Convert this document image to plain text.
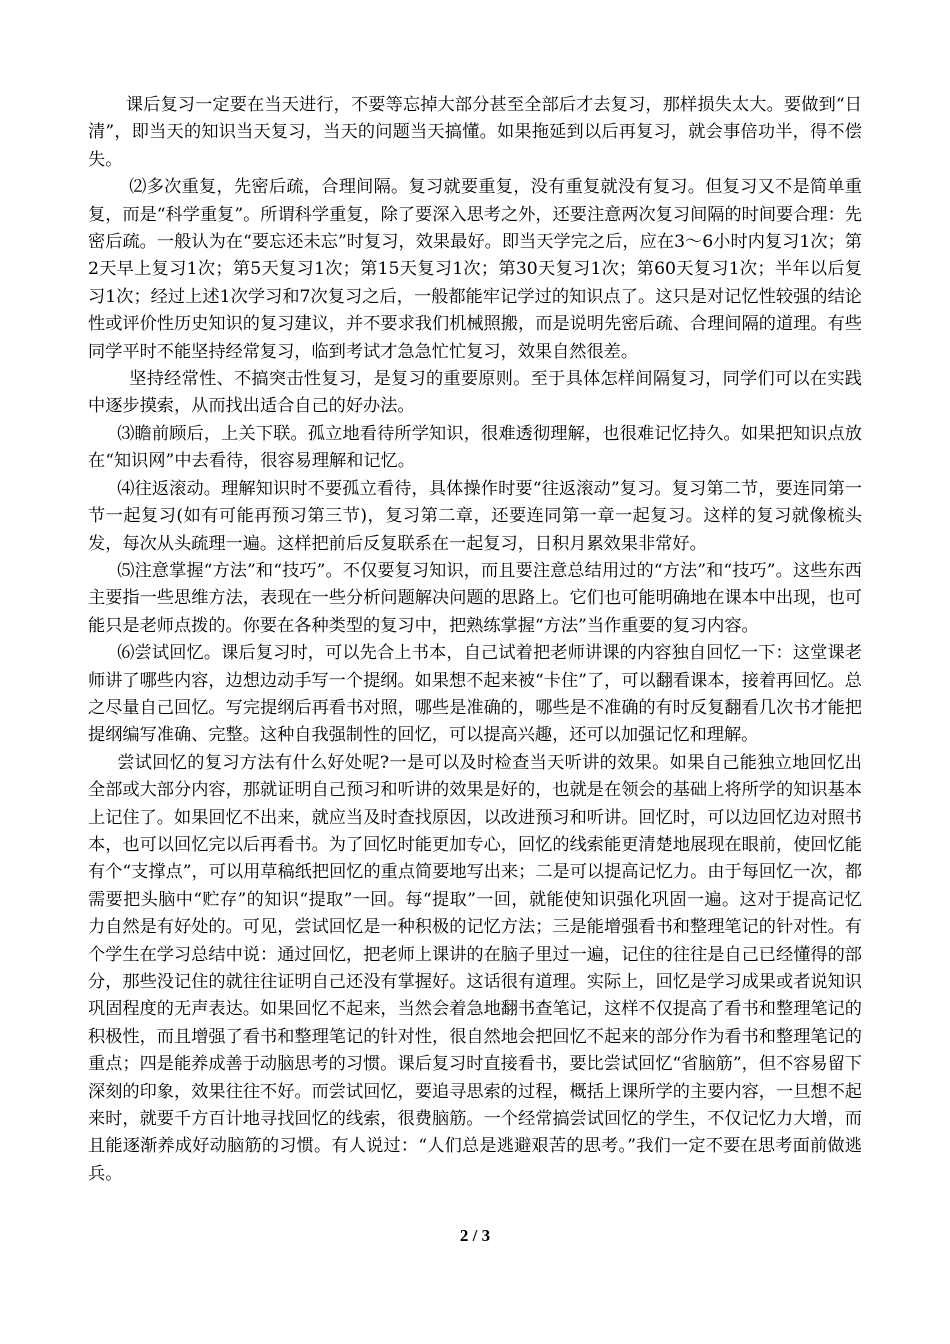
课后复习一定要在当天进行，不要等忘掉大部分甚至全部后才去复习，那样损失太大。要做到“日清”，即当天的知识当天复习，当天的问题当天搞懂。如果拖延到以后再复习，就会事倍功半，得不偿失。

⑵多次重复，先密后疏，合理间隔。复习就要重复，没有重复就没有复习。但复习又不是简单重复，而是“科学重复”。所谓科学重复，除了要深入思考之外，还要注意两次复习间隔的时间要合理：先密后疏。一般认为在“要忘还未忘”时复习，效果最好。即当天学完之后，应在3～6小时内复习1次；第2天早上复习1次；第5天复习1次；第15天复习1次；第30天复习1次；第60天复习1次；半年以后复习1次；经过上述1次学习和7次复习之后，一般都能牢记学过的知识点了。这只是对记忆性较强的结论性或评价性历史知识的复习建议，并不要求我们机械照搬，而是说明先密后疏、合理间隔的道理。有些同学平时不能坚持经常复习，临到考试才急急忙忙复习，效果自然很差。

坚持经常性、不搞突击性复习，是复习的重要原则。至于具体怎样间隔复习，同学们可以在实践中逐步摸索，从而找出适合自己的好办法。

⑶瞻前顾后，上关下联。孤立地看待所学知识，很难透彻理解，也很难记忆持久。如果把知识点放在“知识网”中去看待，很容易理解和记忆。

⑷往返滚动。理解知识时不要孤立看待，具体操作时要“往返滚动”复习。复习第二节，要连同第一节一起复习(如有可能再预习第三节)，复习第二章，还要连同第一章一起复习。这样的复习就像梳头发，每次从头疏理一遍。这样把前后反复联系在一起复习，日积月累效果非常好。

⑸注意掌握“方法”和“技巧”。不仅要复习知识，而且要注意总结用过的“方法”和“技巧”。这些东西主要指一些思维方法，表现在一些分析问题解决问题的思路上。它们也可能明确地在课本中出现，也可能只是老师点拨的。你要在各种类型的复习中，把熟练掌握“方法”当作重要的复习内容。

⑹尝试回忆。课后复习时，可以先合上书本，自己试着把老师讲课的内容独自回忆一下：这堂课老师讲了哪些内容，边想边动手写一个提纲。如果想不起来被“卡住”了，可以翻看课本，接着再回忆。总之尽量自己回忆。写完提纲后再看书对照，哪些是准确的，哪些是不准确的有时反复翻看几次书才能把提纲编写准确、完整。这种自我强制性的回忆，可以提高兴趣，还可以加强记忆和理解。

尝试回忆的复习方法有什么好处呢?一是可以及时检查当天听讲的效果。如果自己能独立地回忆出全部或大部分内容，那就证明自己预习和听讲的效果是好的，也就是在领会的基础上将所学的知识基本上记住了。如果回忆不出来，就应当及时查找原因，以改进预习和听讲。回忆时，可以边回忆边对照书本，也可以回忆完以后再看书。为了回忆时能更加专心，回忆的线索能更清楚地展现在眼前，使回忆能有个“支撑点”，可以用草稿纸把回忆的重点简要地写出来；二是可以提高记忆力。由于每回忆一次，都需要把头脑中“贮存”的知识“提取”一回。每“提取”一回，就能使知识强化巩固一遍。这对于提高记忆力自然是有好处的。可见，尝试回忆是一种积极的记忆方法；三是能增强看书和整理笔记的针对性。有个学生在学习总结中说：通过回忆，把老师上课讲的在脑子里过一遍，记住的往往是自己已经懂得的部分，那些没记住的就往往证明自己还没有掌握好。这话很有道理。实际上，回忆是学习成果或者说知识巩固程度的无声表达。如果回忆不起来，当然会着急地翻书查笔记，这样不仅提高了看书和整理笔记的积极性，而且增强了看书和整理笔记的针对性，很自然地会把回忆不起来的部分作为看书和整理笔记的重点；四是能养成善于动脑思考的习惯。课后复习时直接看书，要比尝试回忆“省脑筋”，但不容易留下深刻的印象，效果往往不好。而尝试回忆，要追寻思索的过程，概括上课所学的主要内容，一旦想不起来时，就要千方百计地寻找回忆的线索，很费脑筋。一个经常搞尝试回忆的学生，不仅记忆力大增，而且能逐渐养成好动脑筋的习惯。有人说过：“人们总是逃避艰苦的思考。”我们一定不要在思考面前做逃兵。

2 / 3
